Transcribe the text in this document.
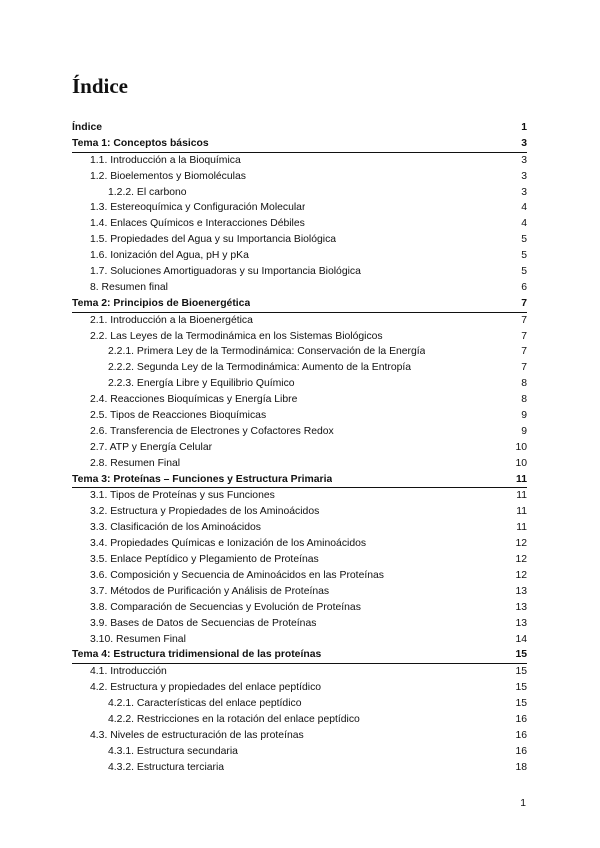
Índice
Índice	1
Tema 1: Conceptos básicos	3
1.1. Introducción a la Bioquímica	3
1.2. Bioelementos y Biomoléculas	3
1.2.2. El carbono	3
1.3. Estereoquímica y Configuración Molecular	4
1.4. Enlaces Químicos e Interacciones Débiles	4
1.5. Propiedades del Agua y su Importancia Biológica	5
1.6. Ionización del Agua, pH y pKa	5
1.7. Soluciones Amortiguadoras y su Importancia Biológica	5
8. Resumen final	6
Tema 2: Principios de Bioenergética	7
2.1. Introducción a la Bioenergética	7
2.2. Las Leyes de la Termodinámica en los Sistemas Biológicos	7
2.2.1. Primera Ley de la Termodinámica: Conservación de la Energía	7
2.2.2. Segunda Ley de la Termodinámica: Aumento de la Entropía	7
2.2.3. Energía Libre y Equilibrio Químico	8
2.4. Reacciones Bioquímicas y Energía Libre	8
2.5. Tipos de Reacciones Bioquímicas	9
2.6. Transferencia de Electrones y Cofactores Redox	9
2.7. ATP y Energía Celular	10
2.8. Resumen Final	10
Tema 3: Proteínas – Funciones y Estructura Primaria	11
3.1. Tipos de Proteínas y sus Funciones	11
3.2. Estructura y Propiedades de los Aminoácidos	11
3.3. Clasificación de los Aminoácidos	11
3.4. Propiedades Químicas e Ionización de los Aminoácidos	12
3.5. Enlace Peptídico y Plegamiento de Proteínas	12
3.6. Composición y Secuencia de Aminoácidos en las Proteínas	12
3.7. Métodos de Purificación y Análisis de Proteínas	13
3.8. Comparación de Secuencias y Evolución de Proteínas	13
3.9. Bases de Datos de Secuencias de Proteínas	13
3.10. Resumen Final	14
Tema 4: Estructura tridimensional de las proteínas	15
4.1. Introducción	15
4.2. Estructura y propiedades del enlace peptídico	15
4.2.1. Características del enlace peptídico	15
4.2.2. Restricciones en la rotación del enlace peptídico	16
4.3. Niveles de estructuración de las proteínas	16
4.3.1. Estructura secundaria	16
4.3.2. Estructura terciaria	18
1
